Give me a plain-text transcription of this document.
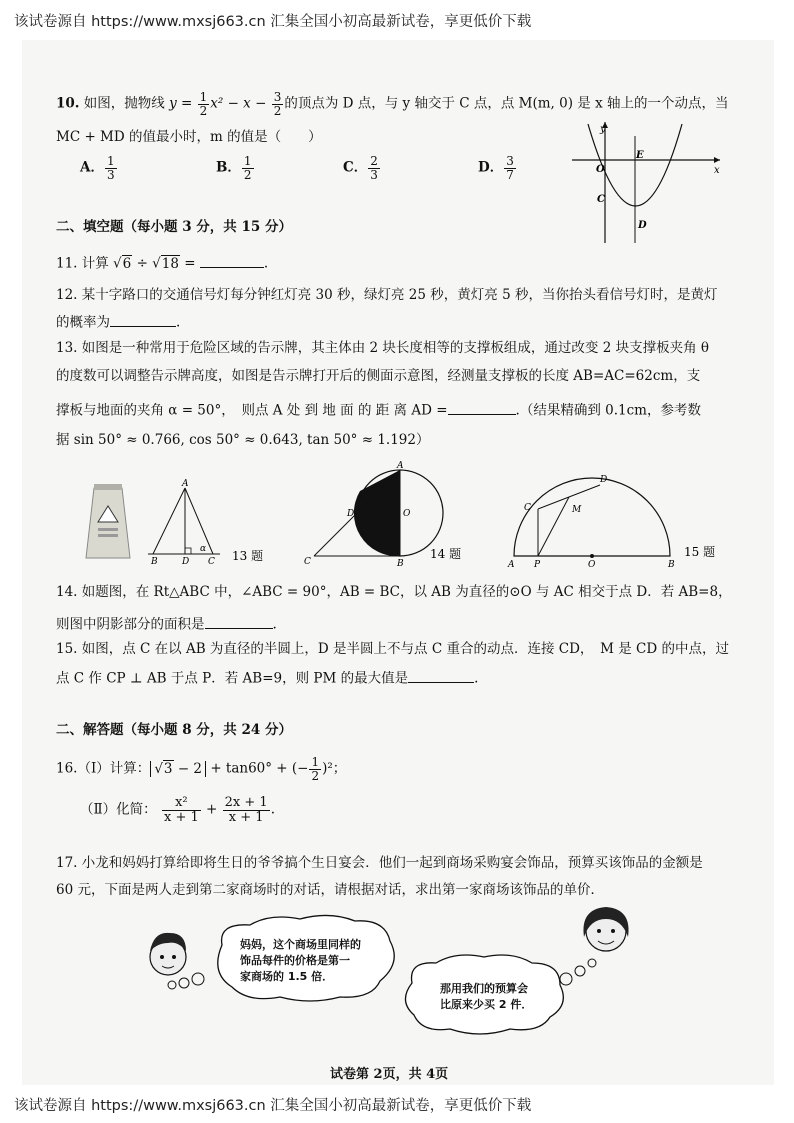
该试卷源自 https://www.mxsj663.cn 汇集全国小初高最新试卷，享更低价下载
10. 如图，抛物线 $y = \frac{1}{2} x^2 - x - \frac{3}{2}$ 的顶点为 D 点，与 y 轴交于 C 点，点 M(m, 0) 是 x 轴上的一个动点，当
MC + MD 的值最小时，m 的值是（　　）
A． $\frac{1}{3}$	B． $\frac{1}{2}$	C． $\frac{2}{3}$	D． $\frac{3}{7}$
y
x
O
E
C
D
二、填空题（每小题 3 分，共 15 分）
11. 计算 √6 ÷ √18 =	.
12. 某十字路口的交通信号灯每分钟红灯亮 30 秒，绿灯亮 25 秒，黄灯亮 5 秒，当你抬头看信号灯时，是黄灯
的概率为	.
13. 如图是一种常用于危险区域的告示牌，其主体由 2 块长度相等的支撑板组成，通过改变 2 块支撑板夹角 θ
的度数可以调整告示牌高度，如图是告示牌打开后的侧面示意图，经测量支撑板的长度 AB=AC=62cm，支
撑板与地面的夹角 α = 50°，　则点 A 处 到 地 面 的 距 离 AD =	.（结果精确到 0.1cm，参考数
据 sin 50° ≈ 0.766, cos 50° ≈ 0.643, tan 50° ≈ 1.192）
A
B	D C
α 13 题
A
D	O
C	B
14 题
D
C	M
A P	O	B
15 题
14. 如题图，在 Rt△ABC 中，∠ABC = 90°，AB = BC，以 AB 为直径的⊙O 与 AC 相交于点 D．若 AB=8，
则图中阴影部分的面积是	.
15. 如图，点 C 在以 AB 为直径的半圆上，D 是半圆上不与点 C 重合的动点．连接 CD，　M 是 CD 的中点，过
点 C 作 CP ⊥ AB 于点 P．若 AB=9，则 PM 的最大值是	.
二、解答题（每小题 8 分，共 24 分）
16.（Ⅰ）计算： √3 − 2 + tan60° + (− $\frac{1}{2} )^2$；
（Ⅱ）化简： $\frac{\text{x²}}{x + 1} + \frac{2x + 1}{x + 1}$ .
17. 小龙和妈妈打算给即将生日的爷爷搞个生日宴会．他们一起到商场采购宴会饰品，预算买该饰品的金额是
60 元，下面是两人走到第二家商场时的对话，请根据对话，求出第一家商场该饰品的单价．
妈妈，这个商场里同样的
饰品每件的价格是第一
家商场的 1.5 倍．
那用我们的预算会
比原来少买 2 件．
试卷第 2页，共 4页
该试卷源自 https://www.mxsj663.cn 汇集全国小初高最新试卷，享更低价下载
